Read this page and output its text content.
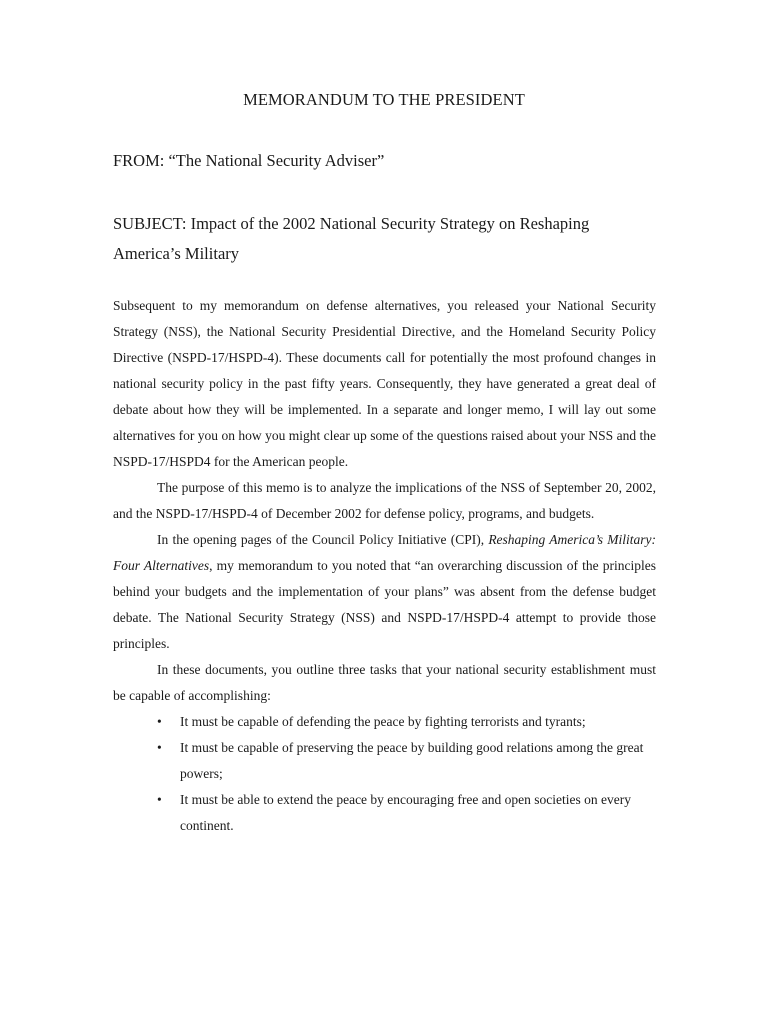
MEMORANDUM TO THE PRESIDENT
FROM: “The National Security Adviser”
SUBJECT: Impact of the 2002 National Security Strategy on Reshaping America’s Military

Subsequent to my memorandum on defense alternatives, you released your National Security Strategy (NSS), the National Security Presidential Directive, and the Homeland Security Policy Directive (NSPD-17/HSPD-4). These documents call for potentially the most profound changes in national security policy in the past fifty years. Consequently, they have generated a great deal of debate about how they will be implemented. In a separate and longer memo, I will lay out some alternatives for you on how you might clear up some of the questions raised about your NSS and the NSPD-17/HSPD4 for the American people.

The purpose of this memo is to analyze the implications of the NSS of September 20, 2002, and the NSPD-17/HSPD-4 of December 2002 for defense policy, programs, and budgets.

In the opening pages of the Council Policy Initiative (CPI), Reshaping America’s Military: Four Alternatives, my memorandum to you noted that “an overarching discussion of the principles behind your budgets and the implementation of your plans” was absent from the defense budget debate. The National Security Strategy (NSS) and NSPD-17/HSPD-4 attempt to provide those principles.

In these documents, you outline three tasks that your national security establishment must be capable of accomplishing:

• It must be capable of defending the peace by fighting terrorists and tyrants;
• It must be capable of preserving the peace by building good relations among the great powers;
• It must be able to extend the peace by encouraging free and open societies on every continent.
